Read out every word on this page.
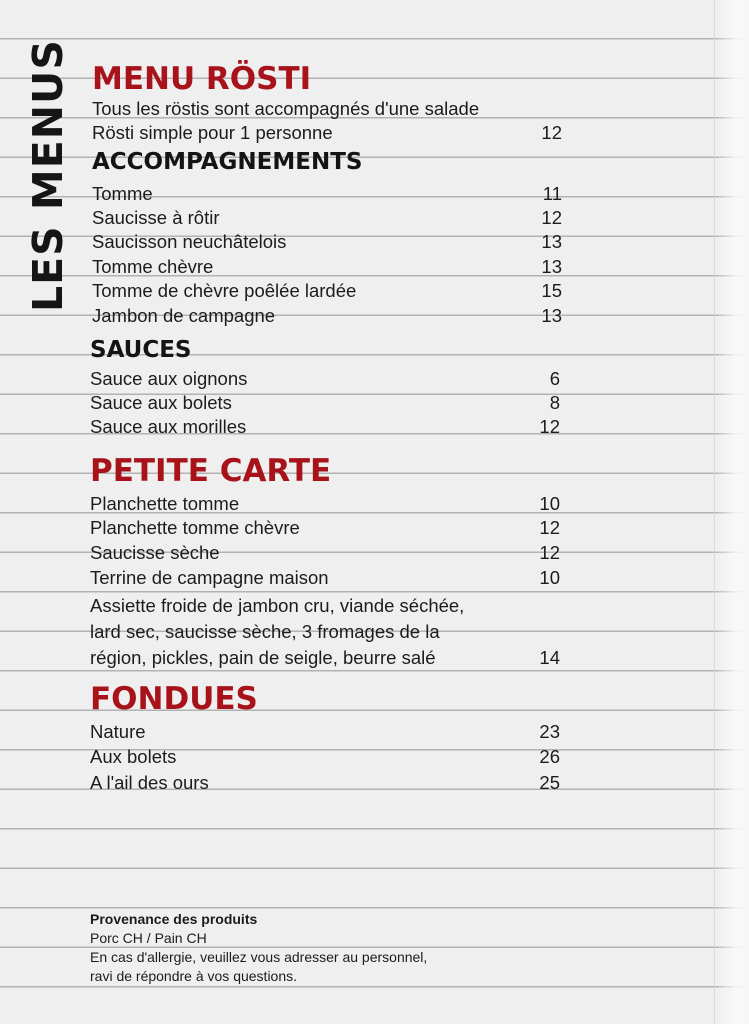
LES MENUS MENU RÖSTI
Tous les röstis sont accompagnés d'une salade
Rösti simple pour 1 personne	12
ACCOMPAGNEMENTS
Tomme	11
Saucisse à rôtir	12
Saucisson neuchâtelois	13
Tomme chèvre	13
Tomme de chèvre poêlée lardée	15
Jambon de campagne	13
SAUCES
Sauce aux oignons	6
Sauce aux bolets	8
Sauce aux morilles	12
PETITE CARTE
Planchette tomme	10
Planchette tomme chèvre	12
Saucisse sèche	12
Terrine de campagne maison	10
Assiette froide de jambon cru, viande séchée,
lard sec, saucisse sèche, 3 fromages de la
région, pickles, pain de seigle, beurre salé	14
FONDUES
Nature	23
Aux bolets	26
A l'ail des ours	25
Provenance des produits
Porc CH / Pain CH
En cas d'allergie, veuillez vous adresser au personnel,
ravi de répondre à vos questions.
